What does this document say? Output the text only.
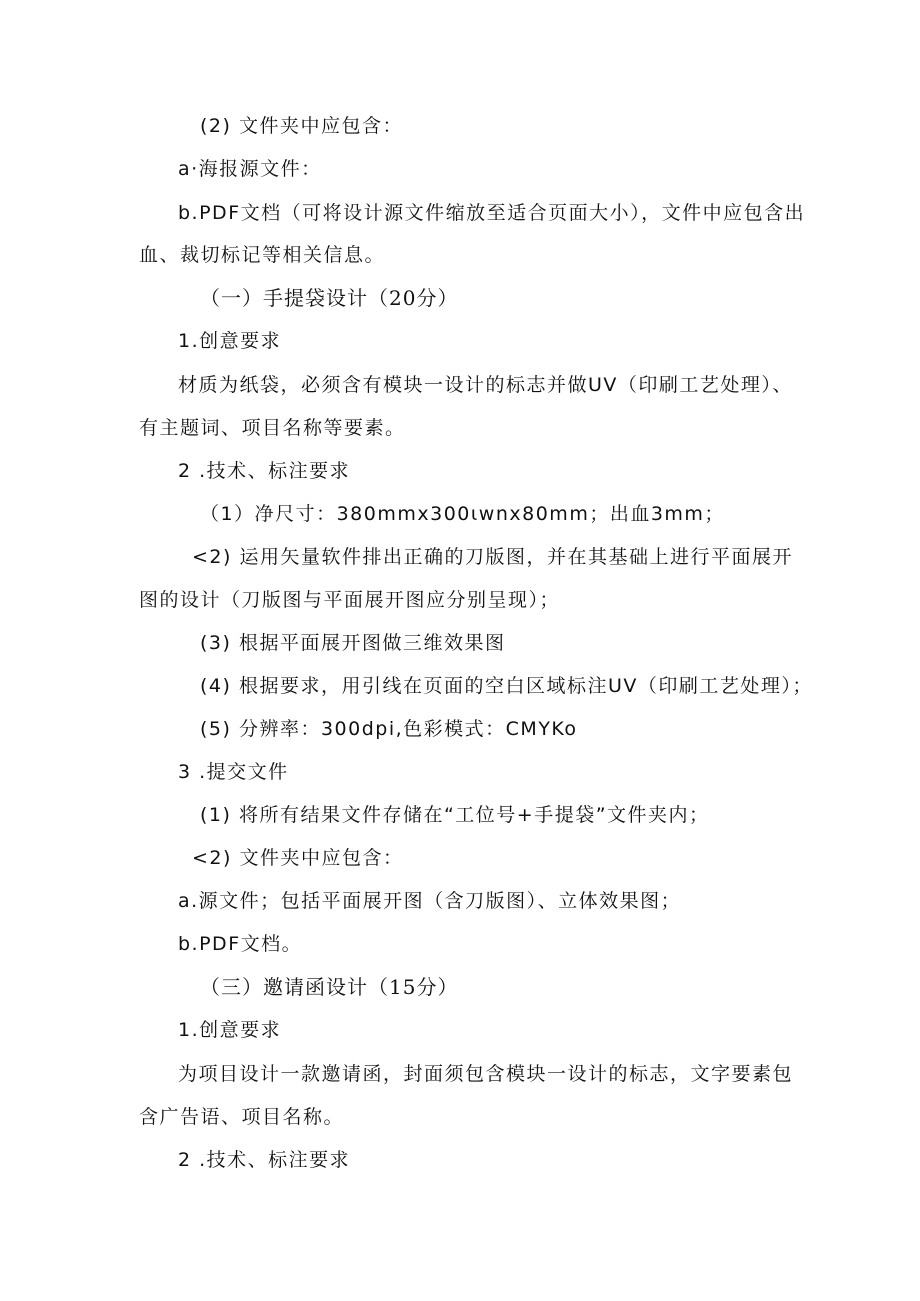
(2) 文件夹中应包含：
a·海报源文件：
b.PDF文档（可将设计源文件缩放至适合页面大小），文件中应包含出
血、裁切标记等相关信息。
（一）手提袋设计（20分）
1.创意要求
材质为纸袋，必须含有模块一设计的标志并做UV（印刷工艺处理）、
有主题词、项目名称等要素。
2 .技术、标注要求
（1）净尺寸：380mmx300ιwnx80mm；出血3mm；
<2) 运用矢量软件排出正确的刀版图，并在其基础上进行平面展开
图的设计（刀版图与平面展开图应分别呈现）；
(3) 根据平面展开图做三维效果图
(4) 根据要求，用引线在页面的空白区域标注UV（印刷工艺处理）；
(5) 分辨率：300dpi,色彩模式：CMYKo
3 .提交文件
(1) 将所有结果文件存储在“工位号+手提袋”文件夹内；
<2) 文件夹中应包含：
a.源文件；包括平面展开图（含刀版图）、立体效果图；
b.PDF文档。
（三）邀请函设计（15分）
1.创意要求
为项目设计一款邀请函，封面须包含模块一设计的标志，文字要素包
含广告语、项目名称。
2 .技术、标注要求
